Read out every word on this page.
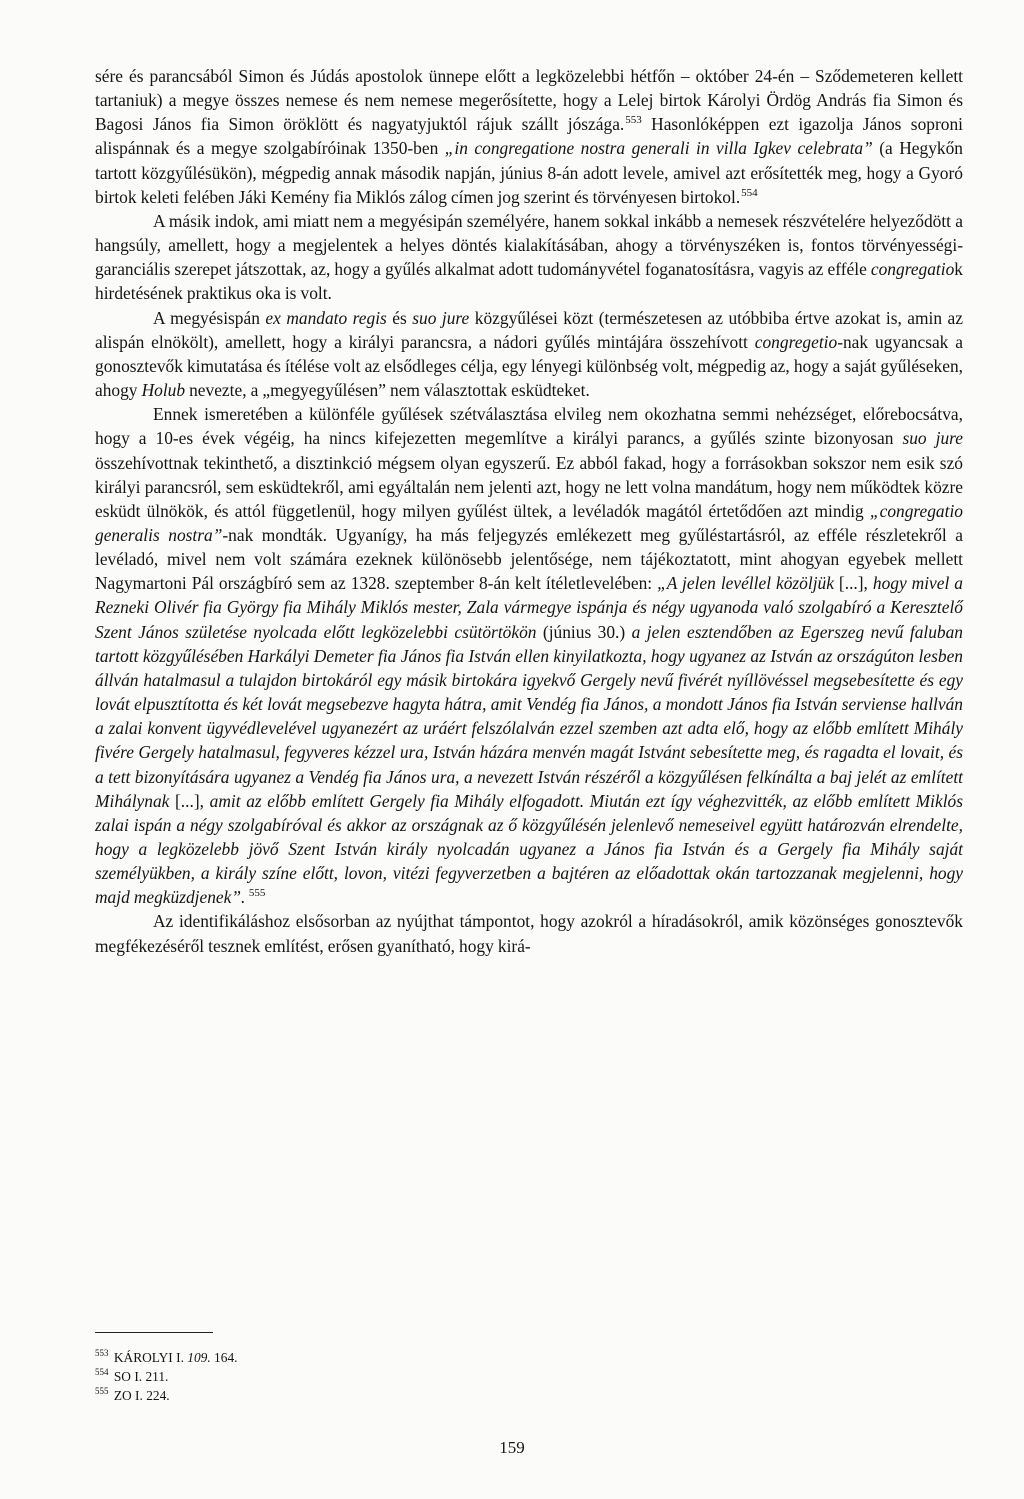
sére és parancsából Simon és Júdás apostolok ünnepe előtt a legközelebbi hétfőn – október 24-én – Sződemeteren kellett tartaniuk) a megye összes nemese és nem nemese megerősítette, hogy a Lelej birtok Károlyi Ördög András fia Simon és Bagosi János fia Simon öröklött és nagyatyjuktól rájuk szállt jószága.$^{553}$ Hasonlóképpen ezt igazolja János soproni alispánnak és a megye szolgabíróinak 1350-ben „in congregatione nostra generali in villa Igkev celebrata” (a Hegykőn tartott közgyűlésükön), mégpedig annak második napján, június 8-án adott levele, amivel azt erősítették meg, hogy a Gyoró birtok keleti felében Jáki Kemény fia Miklós zálog címen jog szerint és törvényesen birtokol.$^{554}$

A másik indok, ami miatt nem a megyésipán személyére, hanem sokkal inkább a nemesek részvételére helyeződött a hangsúly, amellett, hogy a megjelentek a helyes döntés kialakításában, ahogy a törvényszéken is, fontos törvényességi-garanciális szerepet játszottak, az, hogy a gyűlés alkalmat adott tudományvétel foganatosításra, vagyis az efféle congregatiok hirdetésének praktikus oka is volt.

A megyésispán ex mandato regis és suo jure közgyűlései közt (természetesen az utóbbiba értve azokat is, amin az alispán elnökölt), amellett, hogy a királyi parancsra, a nádori gyűlés mintájára összehívott congregetio-nak ugyancsak a gonosztevők kimutatása és ítélése volt az elsődleges célja, egy lényegi különbség volt, mégpedig az, hogy a saját gyűléseken, ahogy Holub nevezte, a „megyegyűlésen” nem választottak esküdteket.

Ennek ismeretében a különféle gyűlések szétválasztása elvileg nem okozhatna semmi nehézséget, előrebocsátva, hogy a 10-es évek végéig, ha nincs kifejezetten megemlítve a királyi parancs, a gyűlés szinte bizonyosan suo jure összehívottnak tekinthető, a disztinkció mégsem olyan egyszerű. Ez abból fakad, hogy a forrásokban sokszor nem esik szó királyi parancsról, sem esküdtekről, ami egyáltalán nem jelenti azt, hogy ne lett volna mandátum, hogy nem működtek közre esküdt ülnökök, és attól függetlenül, hogy milyen gyűlést ültek, a levéladók magától értetődően azt mindig „congregatio generalis nostra”-nak mondták. Ugyanígy, ha más feljegyzés emlékezett meg gyűléstartásról, az efféle részletekről a levéladó, mivel nem volt számára ezeknek különösebb jelentősége, nem tájékoztatott, mint ahogyan egyebek mellett Nagymartoni Pál országbíró sem az 1328. szeptember 8-án kelt ítéletlevelében: „A jelen levéllel közöljük [...], hogy mivel a Rezneki Olivér fia György fia Mihály Miklós mester, Zala vármegye ispánja és négy ugyanoda való szolgabíró a Keresztelő Szent János születése nyolcada előtt legközelebbi csütörtökön (június 30.) a jelen esztendőben az Egerszeg nevű faluban tartott közgyűlésében Harkályi Demeter fia János fia István ellen kinyilatkozta, hogy ugyanez az István az országúton lesben állván hatalmasul a tulajdon birtokáról egy másik birtokára igyekvő Gergely nevű fivérét nyíllövéssel megsebesítette és egy lovát elpusztította és két lovát megsebezve hagyta hátra, amit Vendég fia János, a mondott János fia István serviense hallván a zalai konvent ügyvédlevelével ugyanezért az uráért felszólalván ezzel szemben azt adta elő, hogy az előbb említett Mihály fivére Gergely hatalmasul, fegyveres kézzel ura, István házára menvén magát Istvánt sebesítette meg, és ragadta el lovait, és a tett bizonyítására ugyanez a Vendég fia János ura, a nevezett István részéről a közgyűlésen felkínálta a baj jelét az említett Mihálynak [...], amit az előbb említett Gergely fia Mihály elfogadott. Miután ezt így véghezvitték, az előbb említett Miklós zalai ispán a négy szolgabíróval és akkor az országnak az ő közgyűlésén jelenlevő nemeseivel együtt határozván elrendelte, hogy a legközelebb jövő Szent István király nyolcadán ugyanez a János fia István és a Gergely fia Mihály saját személyükben, a király színe előtt, lovon, vitézi fegyverzetben a bajtéren az előadottak okán tartozzanak megjelenni, hogy majd megküzdjenek”. $^{555}$

Az identifikáláshoz elsősorban az nyújthat támpontot, hogy azokról a híradásokról, amik közönséges gonosztevők megfékezéséről tesznek említést, erősen gyanítható, hogy kirá-

$^{553}$ KÁROLYI I. 109. 164.
$^{554}$ SO I. 211.
$^{555}$ ZO I. 224.
159
